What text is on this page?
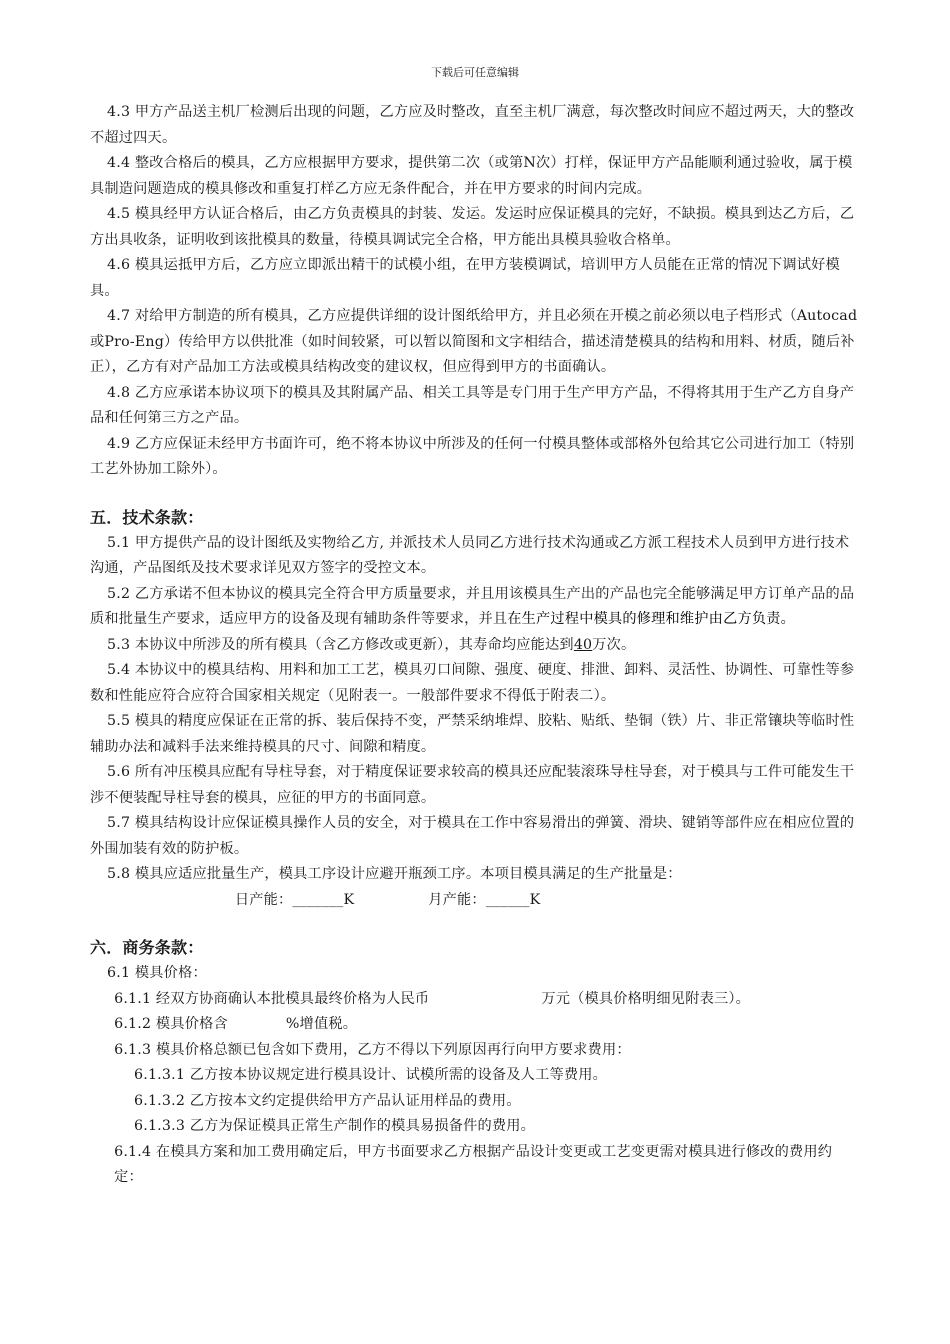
下载后可任意编辑

4.3 甲方产品送主机厂检测后出现的问题，乙方应及时整改，直至主机厂满意，每次整改时间应不超过两天，大的整改不超过四天。

4.4 整改合格后的模具，乙方应根据甲方要求，提供第二次（或第N次）打样，保证甲方产品能顺利通过验收，属于模具制造问题造成的模具修改和重复打样乙方应无条件配合，并在甲方要求的时间内完成。

4.5 模具经甲方认证合格后，由乙方负责模具的封装、发运。发运时应保证模具的完好，不缺损。模具到达乙方后，乙方出具收条，证明收到该批模具的数量，待模具调试完全合格，甲方能出具模具验收合格单。

4.6 模具运抵甲方后，乙方应立即派出精干的试模小组，在甲方装模调试，培训甲方人员能在正常的情况下调试好模具。

4.7 对给甲方制造的所有模具，乙方应提供详细的设计图纸给甲方，并且必须在开模之前必须以电子档形式（Autocad或Pro-Eng）传给甲方以供批准（如时间较紧，可以暂以简图和文字相结合，描述清楚模具的结构和用料、材质，随后补正），乙方有对产品加工方法或模具结构改变的建议权，但应得到甲方的书面确认。

4.8 乙方应承诺本协议项下的模具及其附属产品、相关工具等是专门用于生产甲方产品，不得将其用于生产乙方自身产品和任何第三方之产品。

4.9 乙方应保证未经甲方书面许可，绝不将本协议中所涉及的任何一付模具整体或部格外包给其它公司进行加工（特别工艺外协加工除外）。

五．技术条款：

5.1 甲方提供产品的设计图纸及实物给乙方, 并派技术人员同乙方进行技术沟通或乙方派工程技术人员到甲方进行技术沟通，产品图纸及技术要求详见双方签字的受控文本。

5.2 乙方承诺不但本协议的模具完全符合甲方质量要求，并且用该模具生产出的产品也完全能够满足甲方订单产品的品质和批量生产要求，适应甲方的设备及现有辅助条件等要求，并且在生产过程中模具的修理和维护由乙方负责。

5.3 本协议中所涉及的所有模具（含乙方修改或更新），其寿命均应能达到40万次。

5.4 本协议中的模具结构、用料和加工工艺，模具刃口间隙、强度、硬度、排泄、卸料、灵活性、协调性、可靠性等参数和性能应符合应符合国家相关规定（见附表一。一般部件要求不得低于附表二）。

5.5 模具的精度应保证在正常的拆、装后保持不变，严禁采纳堆焊、胶粘、贴纸、垫铜（铁）片、非正常镶块等临时性辅助办法和减料手法来维持模具的尺寸、间隙和精度。

5.6 所有冲压模具应配有导柱导套，对于精度保证要求较高的模具还应配装滚珠导柱导套，对于模具与工件可能发生干涉不便装配导柱导套的模具，应征的甲方的书面同意。

5.7 模具结构设计应保证模具操作人员的安全，对于模具在工作中容易滑出的弹簧、滑块、键销等部件应在相应位置的外围加装有效的防护板。

5.8 模具应适应批量生产，模具工序设计应避开瓶颈工序。本项目模具满足的生产批量是：

日产能：_______K	月产能：______K

六．商务条款：

6.1 模具价格：

6.1.1 经双方协商确认本批模具最终价格为人民币	万元（模具价格明细见附表三）。

6.1.2 模具价格含	%增值税。

6.1.3 模具价格总额已包含如下费用，乙方不得以下列原因再行向甲方要求费用：

6.1.3.1 乙方按本协议规定进行模具设计、试模所需的设备及人工等费用。

6.1.3.2 乙方按本文约定提供给甲方产品认证用样品的费用。

6.1.3.3 乙方为保证模具正常生产制作的模具易损备件的费用。

6.1.4 在模具方案和加工费用确定后，甲方书面要求乙方根据产品设计变更或工艺变更需对模具进行修改的费用约定：
